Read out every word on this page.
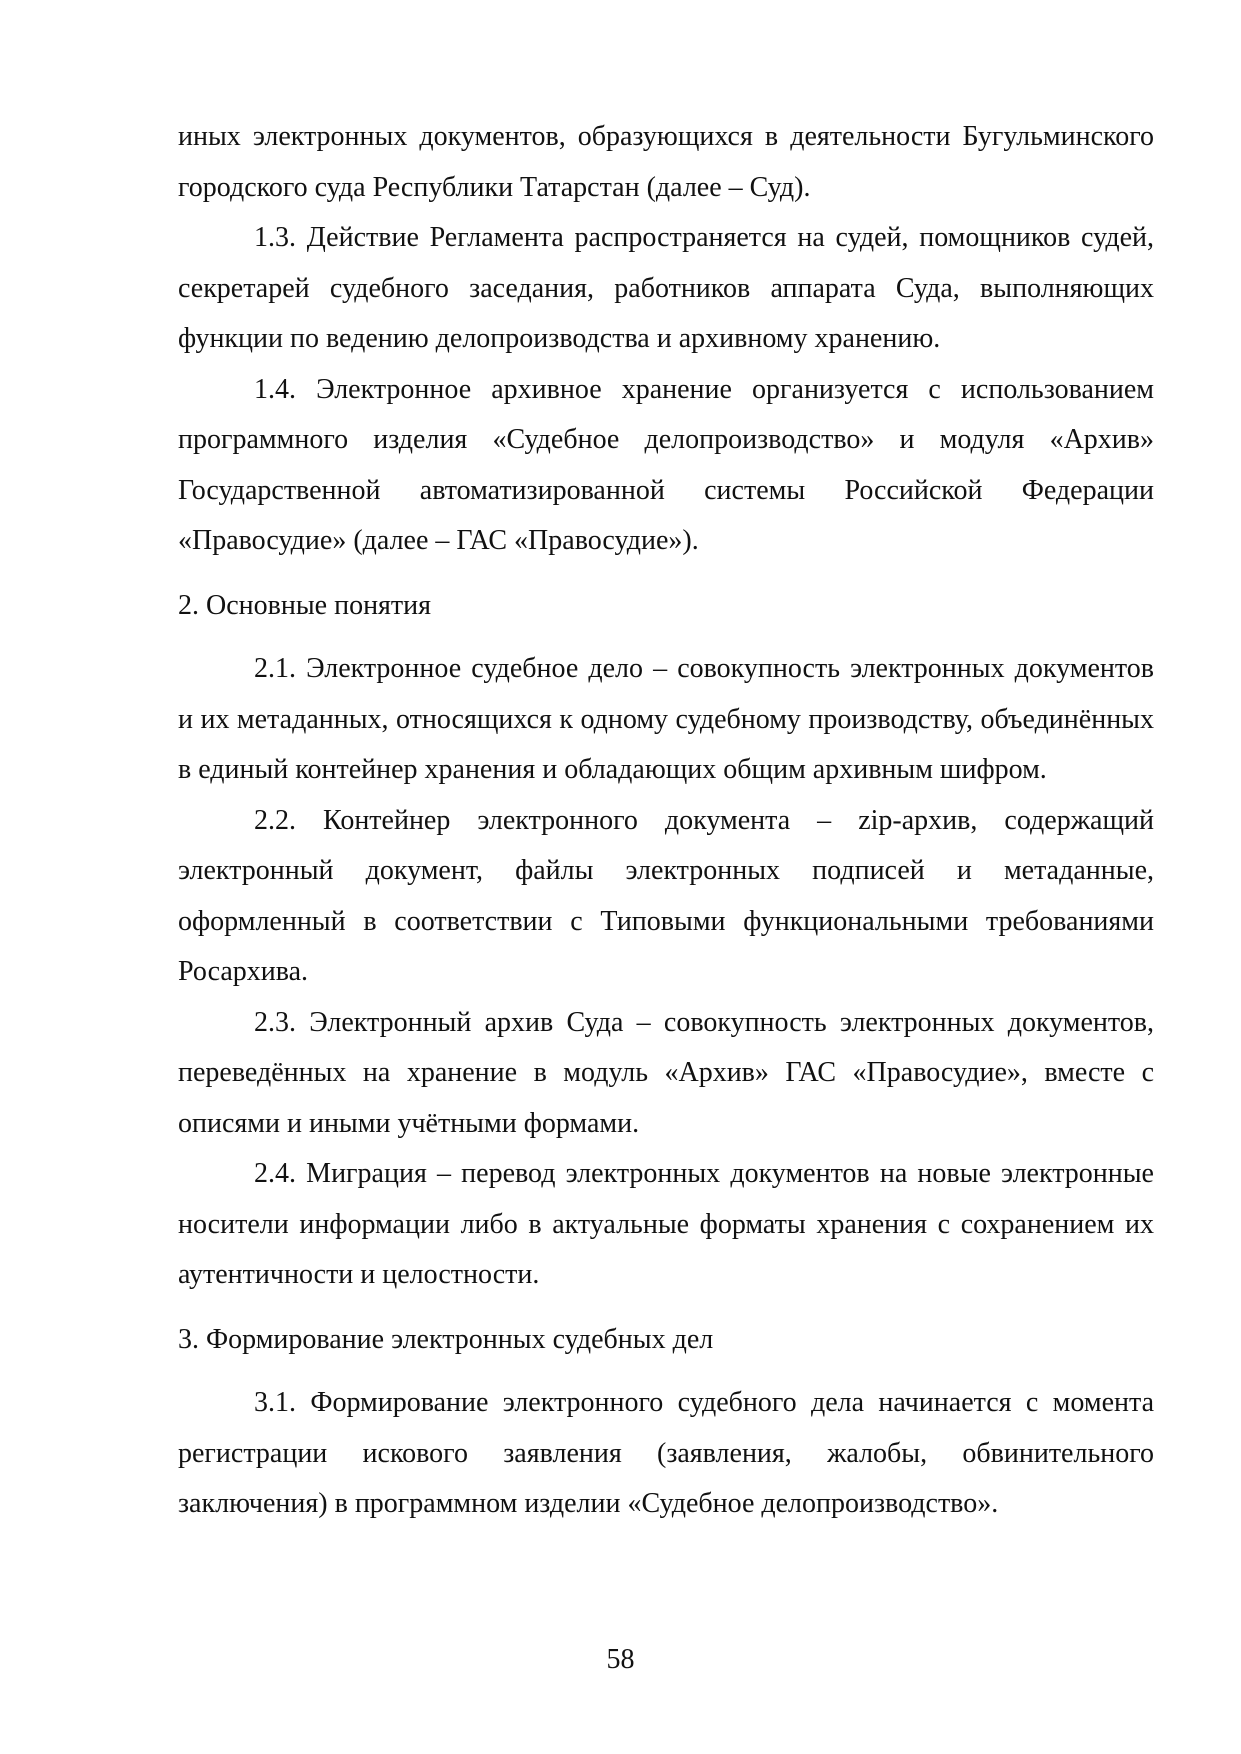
иных электронных документов, образующихся в деятельности Бугульминского городского суда Республики Татарстан (далее – Суд).

1.3. Действие Регламента распространяется на судей, помощников судей, секретарей судебного заседания, работников аппарата Суда, выполняющих функции по ведению делопроизводства и архивному хранению.

1.4. Электронное архивное хранение организуется с использованием программного изделия «Судебное делопроизводство» и модуля «Архив» Государственной автоматизированной системы Российской Федерации «Правосудие» (далее – ГАС «Правосудие»).

2. Основные понятия

2.1. Электронное судебное дело – совокупность электронных документов и их метаданных, относящихся к одному судебному производству, объединённых в единый контейнер хранения и обладающих общим архивным шифром.

2.2. Контейнер электронного документа – zip-архив, содержащий электронный документ, файлы электронных подписей и метаданные, оформленный в соответствии с Типовыми функциональными требованиями Росархива.

2.3. Электронный архив Суда – совокупность электронных документов, переведённых на хранение в модуль «Архив» ГАС «Правосудие», вместе с описями и иными учётными формами.

2.4. Миграция – перевод электронных документов на новые электронные носители информации либо в актуальные форматы хранения с сохранением их аутентичности и целостности.

3. Формирование электронных судебных дел

3.1. Формирование электронного судебного дела начинается с момента регистрации искового заявления (заявления, жалобы, обвинительного заключения) в программном изделии «Судебное делопроизводство».

58
